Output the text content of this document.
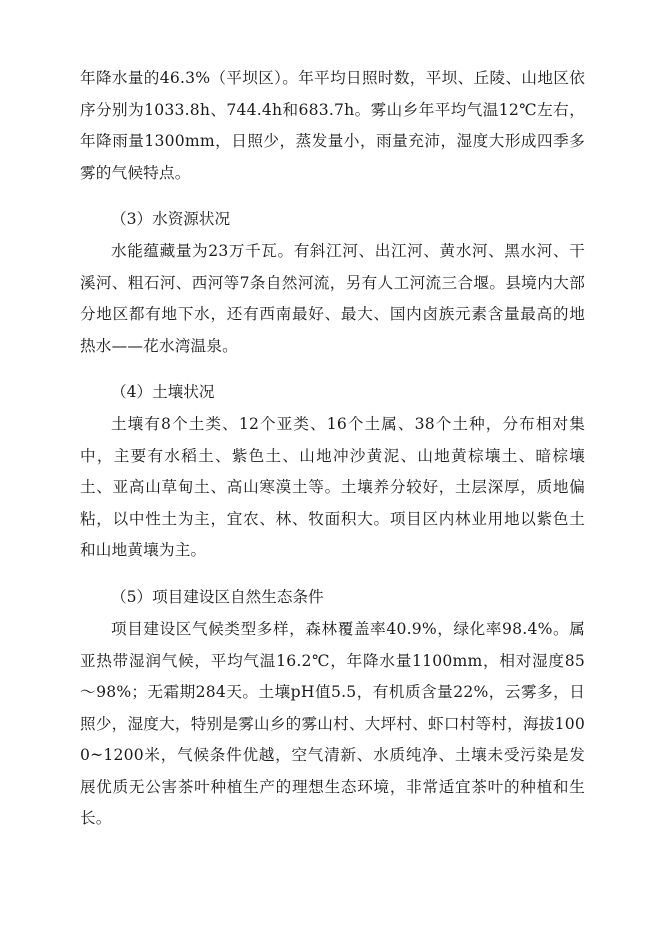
年降水量的46.3%（平坝区）。年平均日照时数，平坝、丘陵、山地区依序分别为1033.8h、744.4h和683.7h。雾山乡年平均气温12℃左右，年降雨量1300mm，日照少，蒸发量小，雨量充沛，湿度大形成四季多雾的气候特点。

（3）水资源状况

水能蕴藏量为23万千瓦。有斜江河、出江河、黄水河、黑水河、干溪河、粗石河、西河等7条自然河流，另有人工河流三合堰。县境内大部分地区都有地下水，还有西南最好、最大、国内卤族元素含量最高的地热水——花水湾温泉。

（4）土壤状况

土壤有8个土类、12个亚类、16个土属、38个土种，分布相对集中，主要有水稻土、紫色土、山地冲沙黄泥、山地黄棕壤土、暗棕壤土、亚高山草甸土、高山寒漠土等。土壤养分较好，土层深厚，质地偏粘，以中性土为主，宜农、林、牧面积大。项目区内林业用地以紫色土和山地黄壤为主。

（5）项目建设区自然生态条件

项目建设区气候类型多样，森林覆盖率40.9%，绿化率98.4%。属亚热带湿润气候，平均气温16.2℃，年降水量1100mm，相对湿度85～98%；无霜期284天。土壤pH值5.5，有机质含量22%，云雾多，日照少，湿度大，特别是雾山乡的雾山村、大坪村、虾口村等村，海拔1000~1200米，气候条件优越，空气清新、水质纯净、土壤未受污染是发展优质无公害茶叶种植生产的理想生态环境，非常适宜茶叶的种植和生长。
